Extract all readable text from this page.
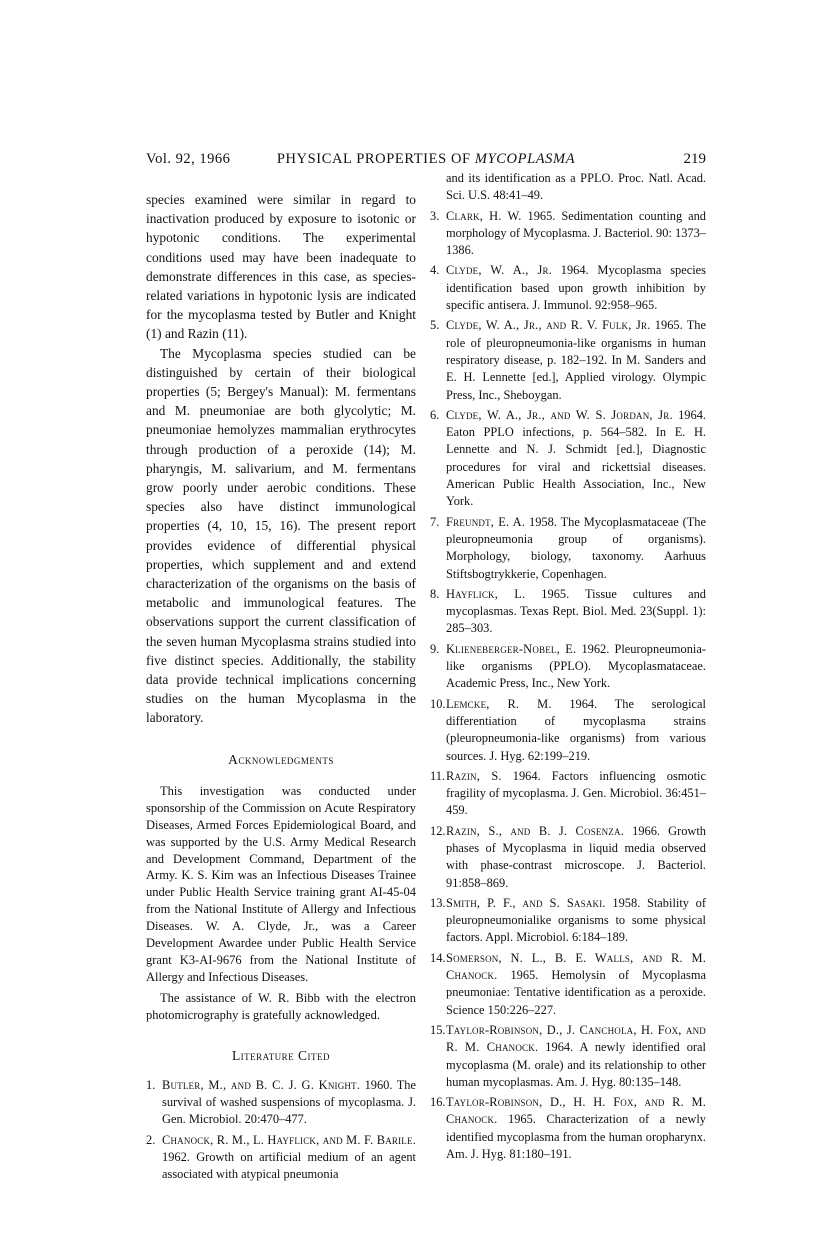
Vol. 92, 1966	PHYSICAL PROPERTIES OF MYCOPLASMA	219

species examined were similar in regard to inactivation produced by exposure to isotonic or hypotonic conditions. The experimental conditions used may have been inadequate to demonstrate differences in this case, as species-related variations in hypotonic lysis are indicated for the mycoplasma tested by Butler and Knight (1) and Razin (11).

The Mycoplasma species studied can be distinguished by certain of their biological properties (5; Bergey's Manual): M. fermentans and M. pneumoniae are both glycolytic; M. pneumoniae hemolyzes mammalian erythrocytes through production of a peroxide (14); M. pharyngis, M. salivarium, and M. fermentans grow poorly under aerobic conditions. These species also have distinct immunological properties (4, 10, 15, 16). The present report provides evidence of differential physical properties, which supplement and and extend characterization of the organisms on the basis of metabolic and immunological features. The observations support the current classification of the seven human Mycoplasma strains studied into five distinct species. Additionally, the stability data provide technical implications concerning studies on the human Mycoplasma in the laboratory.

Acknowledgments

This investigation was conducted under sponsorship of the Commission on Acute Respiratory Diseases, Armed Forces Epidemiological Board, and was supported by the U.S. Army Medical Research and Development Command, Department of the Army. K. S. Kim was an Infectious Diseases Trainee under Public Health Service training grant AI-45-04 from the National Institute of Allergy and Infectious Diseases. W. A. Clyde, Jr., was a Career Development Awardee under Public Health Service grant K3-AI-9676 from the National Institute of Allergy and Infectious Diseases.

The assistance of W. R. Bibb with the electron photomicrography is gratefully acknowledged.

Literature Cited

1. Butler, M., and B. C. J. G. Knight. 1960. The survival of washed suspensions of mycoplasma. J. Gen. Microbiol. 20:470–477.

2. Chanock, R. M., L. Hayflick, and M. F. Barile. 1962. Growth on artificial medium of an agent associated with atypical pneumonia

and its identification as a PPLO. Proc. Natl. Acad. Sci. U.S. 48:41–49.

3. Clark, H. W. 1965. Sedimentation counting and morphology of Mycoplasma. J. Bacteriol. 90: 1373–1386.

4. Clyde, W. A., Jr. 1964. Mycoplasma species identification based upon growth inhibition by specific antisera. J. Immunol. 92:958–965.

5. Clyde, W. A., Jr., and R. V. Fulk, Jr. 1965. The role of pleuropneumonia-like organisms in human respiratory disease, p. 182–192. In M. Sanders and E. H. Lennette [ed.], Applied virology. Olympic Press, Inc., Sheboygan.

6. Clyde, W. A., Jr., and W. S. Jordan, Jr. 1964. Eaton PPLO infections, p. 564–582. In E. H. Lennette and N. J. Schmidt [ed.], Diagnostic procedures for viral and rickettsial diseases. American Public Health Association, Inc., New York.

7. Freundt, E. A. 1958. The Mycoplasmataceae (The pleuropneumonia group of organisms). Morphology, biology, taxonomy. Aarhuus Stiftsbogtrykkerie, Copenhagen.

8. Hayflick, L. 1965. Tissue cultures and mycoplasmas. Texas Rept. Biol. Med. 23(Suppl. 1): 285–303.

9. Klieneberger-Nobel, E. 1962. Pleuropneumonia-like organisms (PPLO). Mycoplasmataceae. Academic Press, Inc., New York.

10.Lemcke, R. M. 1964. The serological differentiation of mycoplasma strains (pleuropneumonia-like organisms) from various sources. J. Hyg. 62:199–219.

11.Razin, S. 1964. Factors influencing osmotic fragility of mycoplasma. J. Gen. Microbiol. 36:451–459.

12.Razin, S., and B. J. Cosenza. 1966. Growth phases of Mycoplasma in liquid media observed with phase-contrast microscope. J. Bacteriol. 91:858–869.

13.Smith, P. F., and S. Sasaki. 1958. Stability of pleuropneumonialike organisms to some physical factors. Appl. Microbiol. 6:184–189.

14.Somerson, N. L., B. E. Walls, and R. M. Chanock. 1965. Hemolysin of Mycoplasma pneumoniae: Tentative identification as a peroxide. Science 150:226–227.

15.Taylor-Robinson, D., J. Canchola, H. Fox, and R. M. Chanock. 1964. A newly identified oral mycoplasma (M. orale) and its relationship to other human mycoplasmas. Am. J. Hyg. 80:135–148.

16.Taylor-Robinson, D., H. H. Fox, and R. M. Chanock. 1965. Characterization of a newly identified mycoplasma from the human oropharynx. Am. J. Hyg. 81:180–191.
